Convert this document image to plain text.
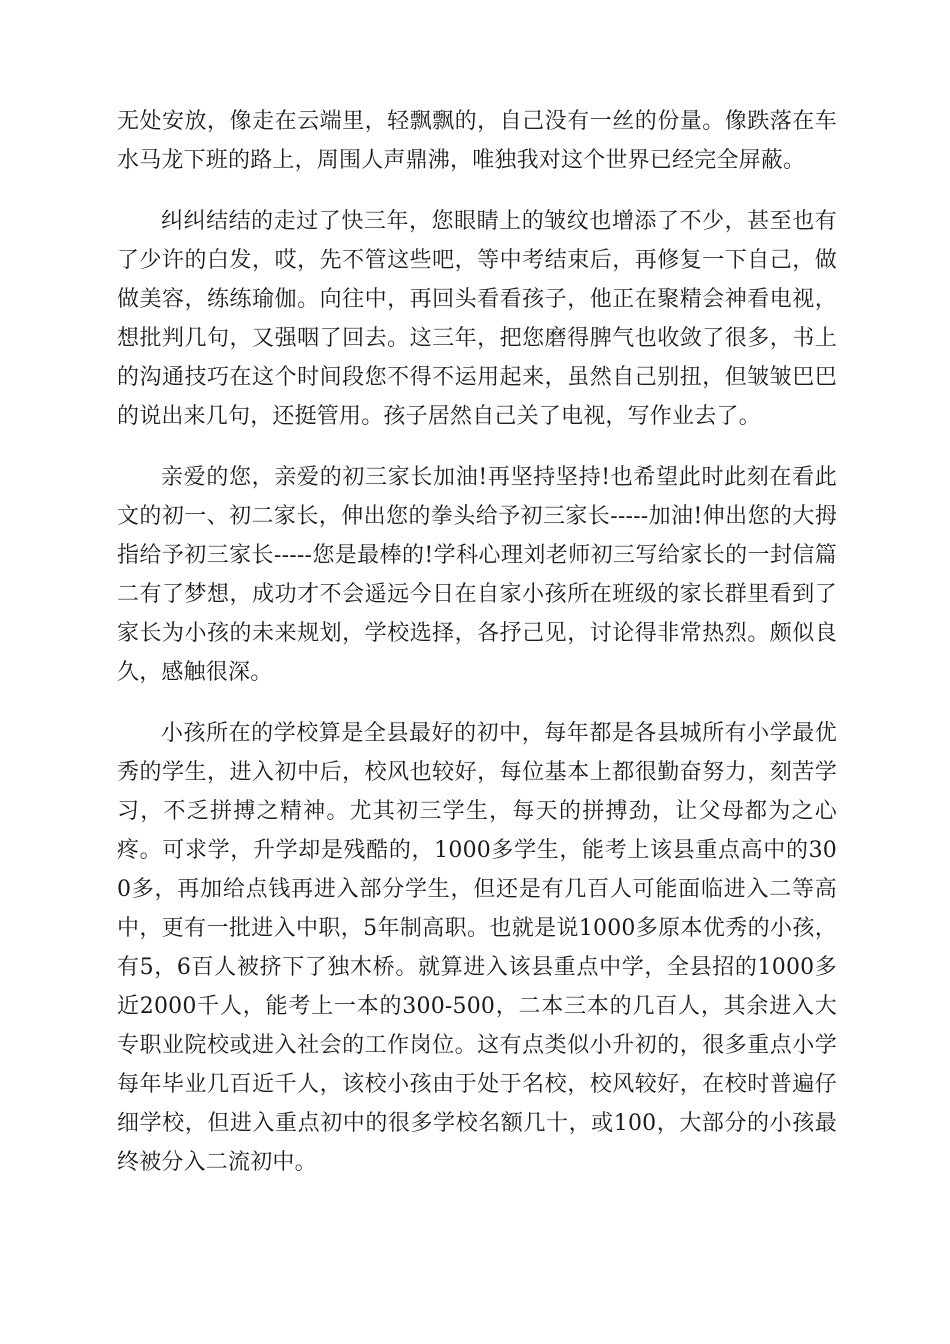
无处安放，像走在云端里，轻飘飘的，自己没有一丝的份量。像跌落在车水马龙下班的路上，周围人声鼎沸，唯独我对这个世界已经完全屏蔽。

纠纠结结的走过了快三年，您眼睛上的皱纹也增添了不少，甚至也有了少许的白发，哎，先不管这些吧，等中考结束后，再修复一下自己，做做美容，练练瑜伽。向往中，再回头看看孩子，他正在聚精会神看电视，想批判几句，又强咽了回去。这三年，把您磨得脾气也收敛了很多，书上的沟通技巧在这个时间段您不得不运用起来，虽然自己别扭，但皱皱巴巴的说出来几句，还挺管用。孩子居然自己关了电视，写作业去了。

亲爱的您，亲爱的初三家长加油!再坚持坚持!也希望此时此刻在看此文的初一、初二家长，伸出您的拳头给予初三家长-----加油!伸出您的大拇指给予初三家长-----您是最棒的!学科心理刘老师初三写给家长的一封信篇二有了梦想，成功才不会遥远今日在自家小孩所在班级的家长群里看到了家长为小孩的未来规划，学校选择，各抒己见，讨论得非常热烈。颇似良久，感触很深。

小孩所在的学校算是全县最好的初中，每年都是各县城所有小学最优秀的学生，进入初中后，校风也较好，每位基本上都很勤奋努力，刻苦学习，不乏拼搏之精神。尤其初三学生，每天的拼搏劲，让父母都为之心疼。可求学，升学却是残酷的，1000多学生，能考上该县重点高中的300多，再加给点钱再进入部分学生，但还是有几百人可能面临进入二等高中，更有一批进入中职，5年制高职。也就是说1000多原本优秀的小孩，有5，6百人被挤下了独木桥。就算进入该县重点中学，全县招的1000多近2000千人，能考上一本的300-500，二本三本的几百人，其余进入大专职业院校或进入社会的工作岗位。这有点类似小升初的，很多重点小学每年毕业几百近千人，该校小孩由于处于名校，校风较好，在校时普遍仔细学校，但进入重点初中的很多学校名额几十，或100，大部分的小孩最终被分入二流初中。
